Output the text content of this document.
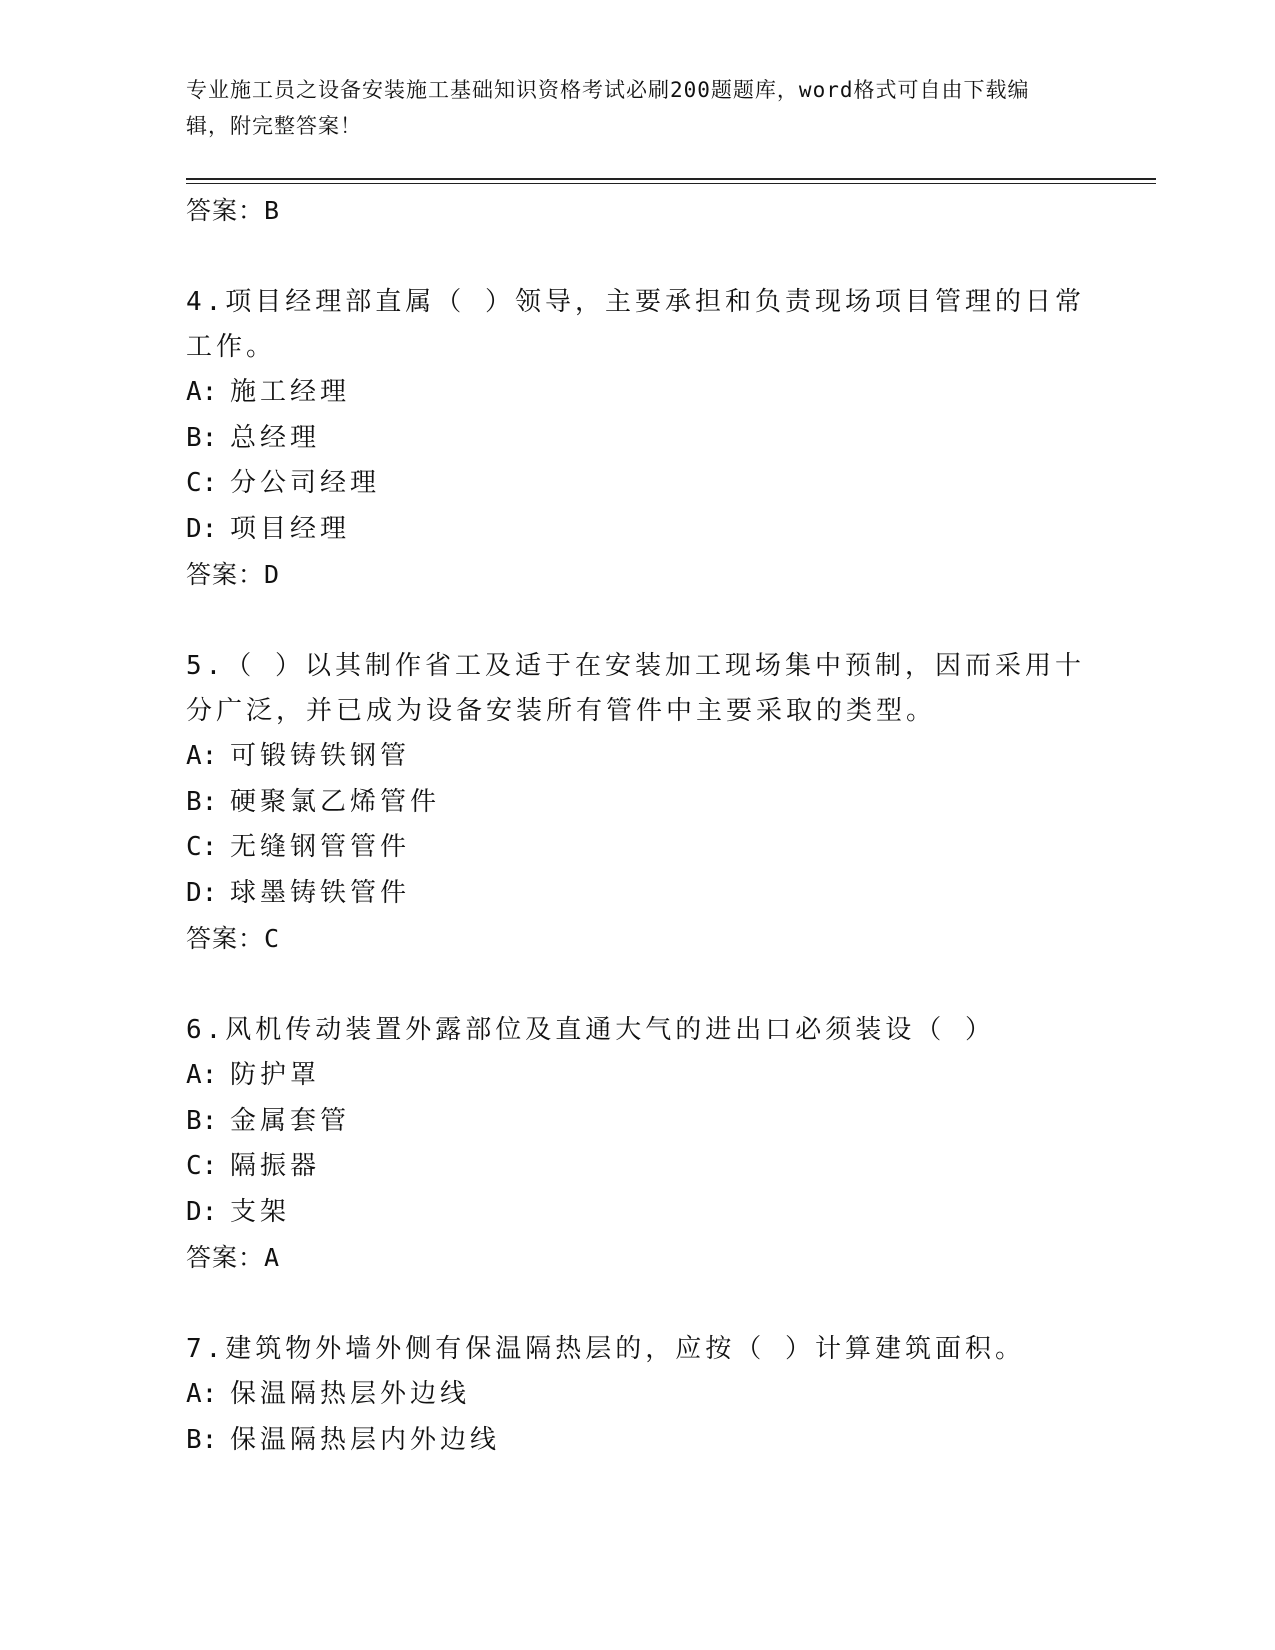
专业施工员之设备安装施工基础知识资格考试必刷200题题库，word格式可自由下载编辑，附完整答案！
答案：B
4.项目经理部直属（ ）领导，主要承担和负责现场项目管理的日常工作。
A: 施工经理
B: 总经理
C: 分公司经理
D: 项目经理
答案：D
5.（ ）以其制作省工及适于在安装加工现场集中预制，因而采用十分广泛，并已成为设备安装所有管件中主要采取的类型。
A: 可锻铸铁钢管
B: 硬聚氯乙烯管件
C: 无缝钢管管件
D: 球墨铸铁管件
答案：C
6.风机传动装置外露部位及直通大气的进出口必须装设（ ）
A: 防护罩
B: 金属套管
C: 隔振器
D: 支架
答案：A
7.建筑物外墙外侧有保温隔热层的，应按（ ）计算建筑面积。
A: 保温隔热层外边线
B: 保温隔热层内外边线
